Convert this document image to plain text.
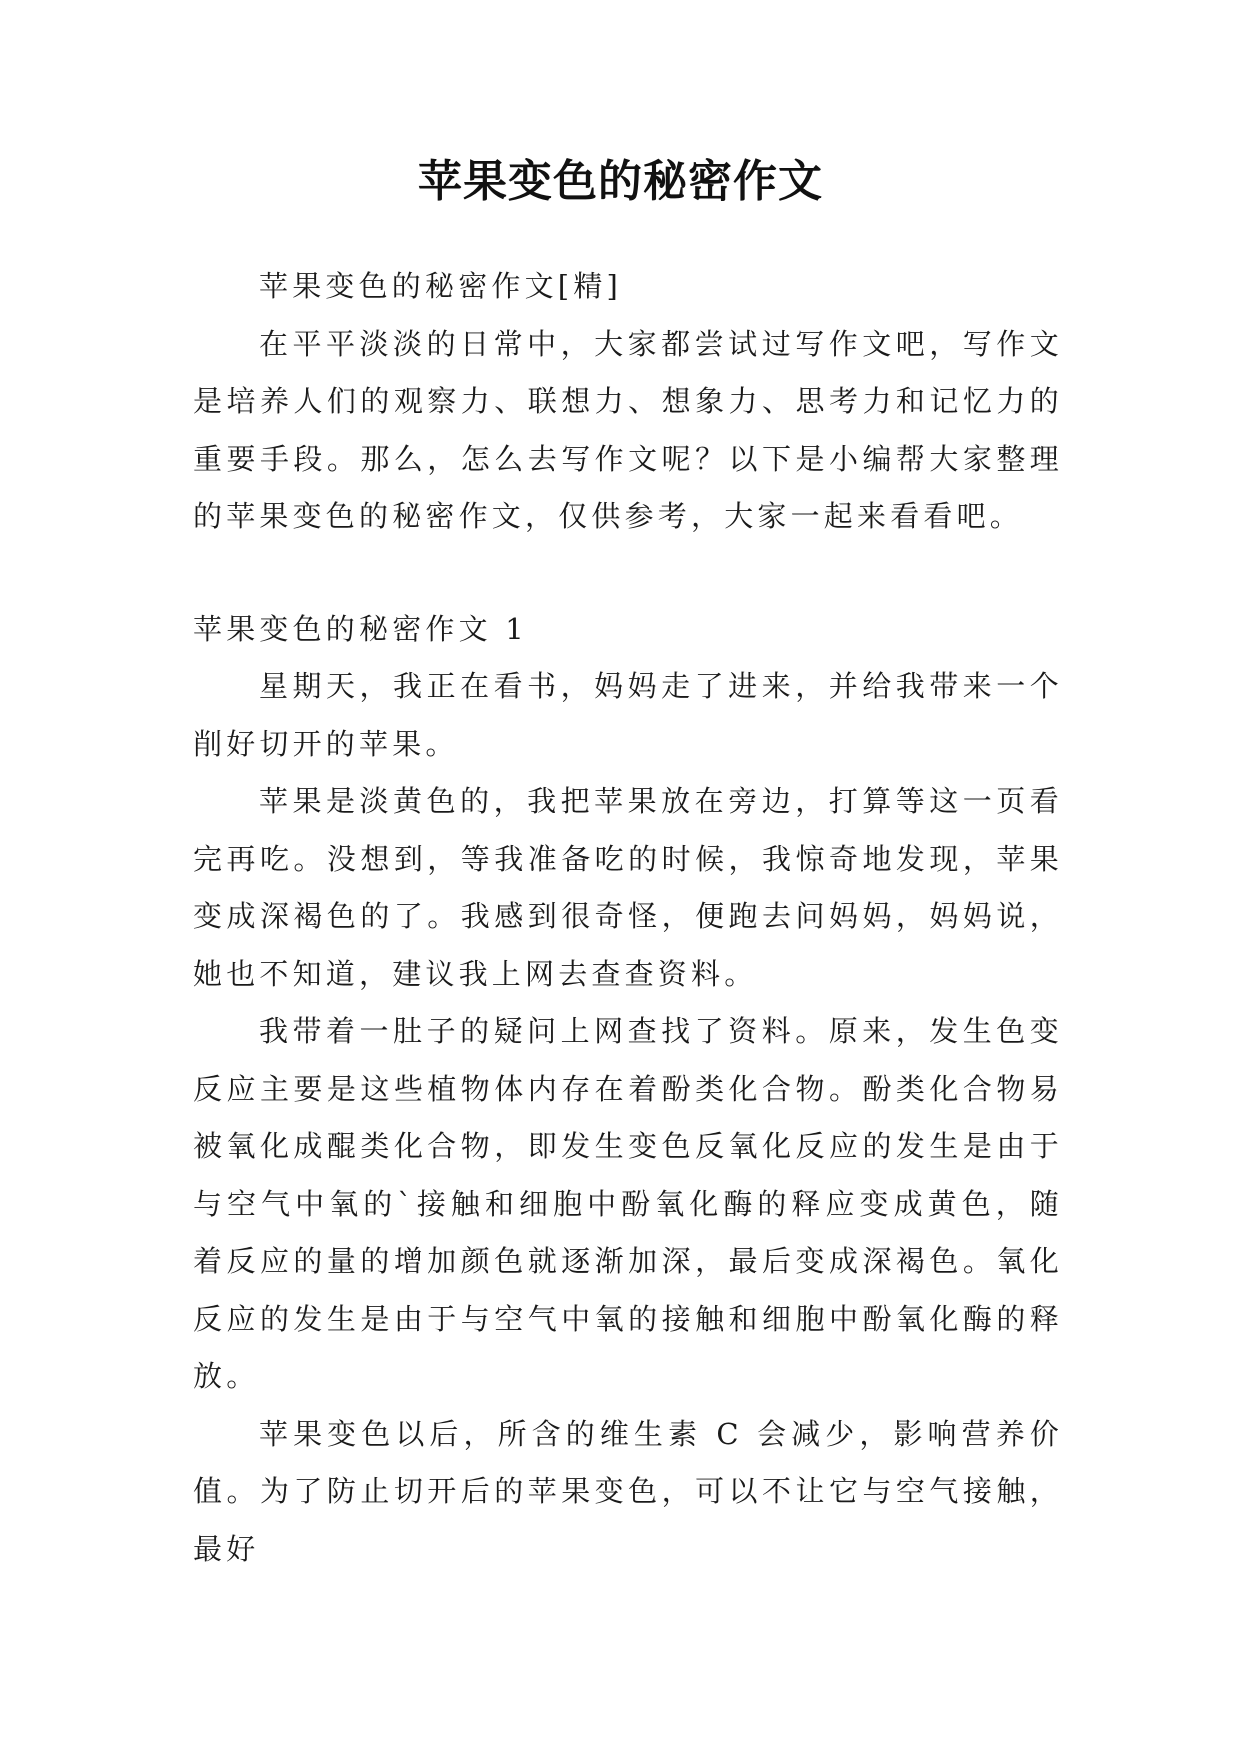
苹果变色的秘密作文

苹果变色的秘密作文[精]

在平平淡淡的日常中，大家都尝试过写作文吧，写作文是培养人们的观察力、联想力、想象力、思考力和记忆力的重要手段。那么，怎么去写作文呢？以下是小编帮大家整理的苹果变色的秘密作文，仅供参考，大家一起来看看吧。

苹果变色的秘密作文 1

星期天，我正在看书，妈妈走了进来，并给我带来一个削好切开的苹果。

苹果是淡黄色的，我把苹果放在旁边，打算等这一页看完再吃。没想到，等我准备吃的时候，我惊奇地发现，苹果变成深褐色的了。我感到很奇怪，便跑去问妈妈，妈妈说，她也不知道，建议我上网去查查资料。

我带着一肚子的疑问上网查找了资料。原来，发生色变反应主要是这些植物体内存在着酚类化合物。酚类化合物易被氧化成醌类化合物，即发生变色反氧化反应的发生是由于与空气中氧的`接触和细胞中酚氧化酶的释应变成黄色，随着反应的量的增加颜色就逐渐加深，最后变成深褐色。氧化反应的发生是由于与空气中氧的接触和细胞中酚氧化酶的释放。

苹果变色以后，所含的维生素 C 会减少，影响营养价值。为了防止切开后的苹果变色，可以不让它与空气接触，最好
